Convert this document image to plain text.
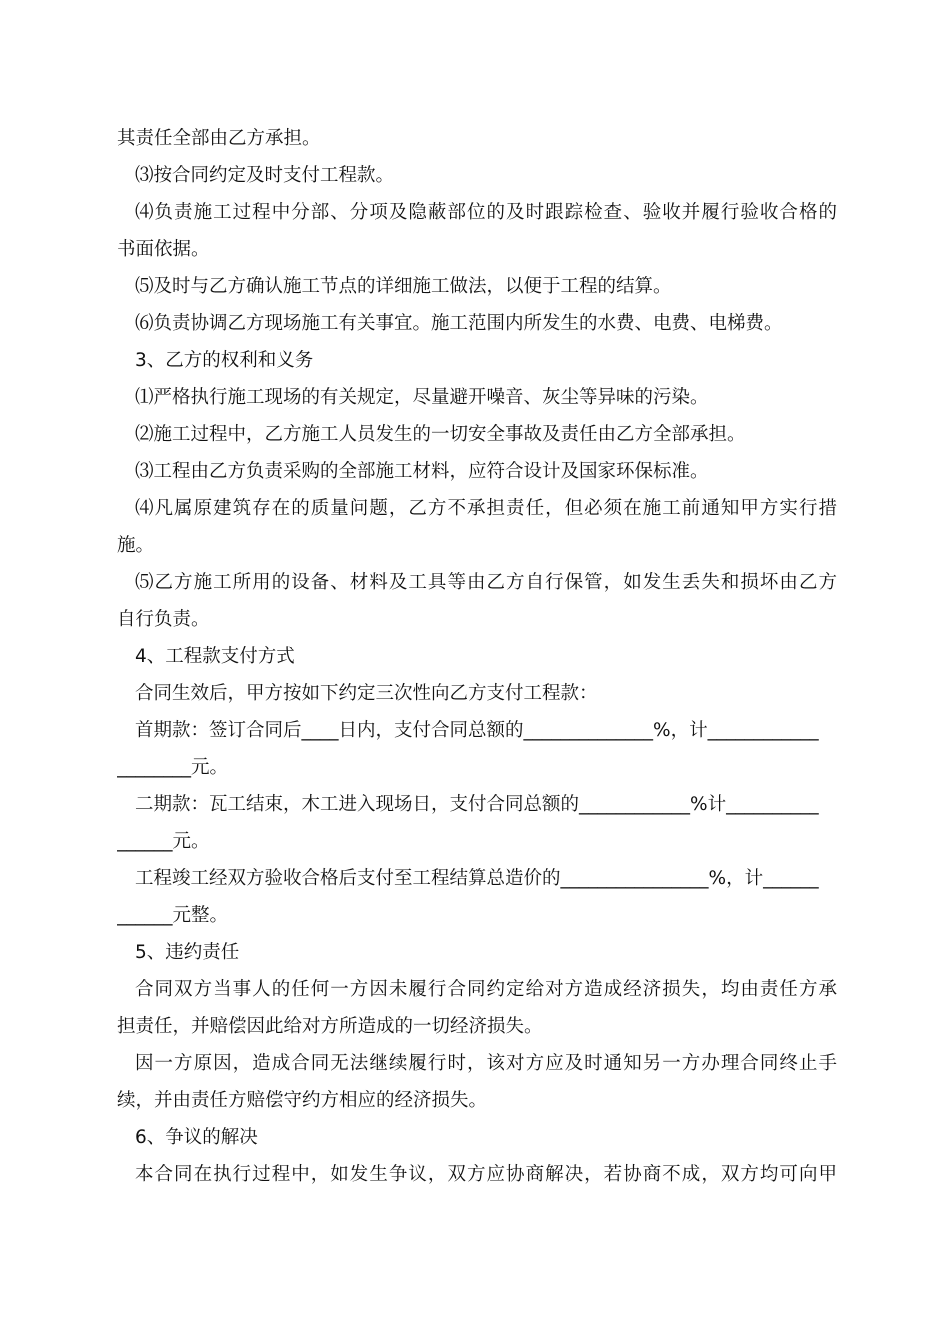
其责任全部由乙方承担。
⑶按合同约定及时支付工程款。
⑷负责施工过程中分部、分项及隐蔽部位的及时跟踪检查、验收并履行验收合格的
书面依据。
⑸及时与乙方确认施工节点的详细施工做法，以便于工程的结算。
⑹负责协调乙方现场施工有关事宜。施工范围内所发生的水费、电费、电梯费。
3、乙方的权利和义务
⑴严格执行施工现场的有关规定，尽量避开噪音、灰尘等异味的污染。
⑵施工过程中，乙方施工人员发生的一切安全事故及责任由乙方全部承担。
⑶工程由乙方负责采购的全部施工材料，应符合设计及国家环保标准。
⑷凡属原建筑存在的质量问题，乙方不承担责任，但必须在施工前通知甲方实行措
施。
⑸乙方施工所用的设备、材料及工具等由乙方自行保管，如发生丢失和损坏由乙方
自行负责。
4、工程款支付方式
合同生效后，甲方按如下约定三次性向乙方支付工程款：
首期款：签订合同后____日内，支付合同总额的______________%，计____________
________元。
二期款：瓦工结束，木工进入现场日，支付合同总额的____________%计__________
______元。
工程竣工经双方验收合格后支付至工程结算总造价的________________%，计______
______元整。
5、违约责任
合同双方当事人的任何一方因未履行合同约定给对方造成经济损失，均由责任方承
担责任，并赔偿因此给对方所造成的一切经济损失。
因一方原因，造成合同无法继续履行时，该对方应及时通知另一方办理合同终止手
续，并由责任方赔偿守约方相应的经济损失。
6、争议的解决
本合同在执行过程中，如发生争议，双方应协商解决，若协商不成，双方均可向甲
